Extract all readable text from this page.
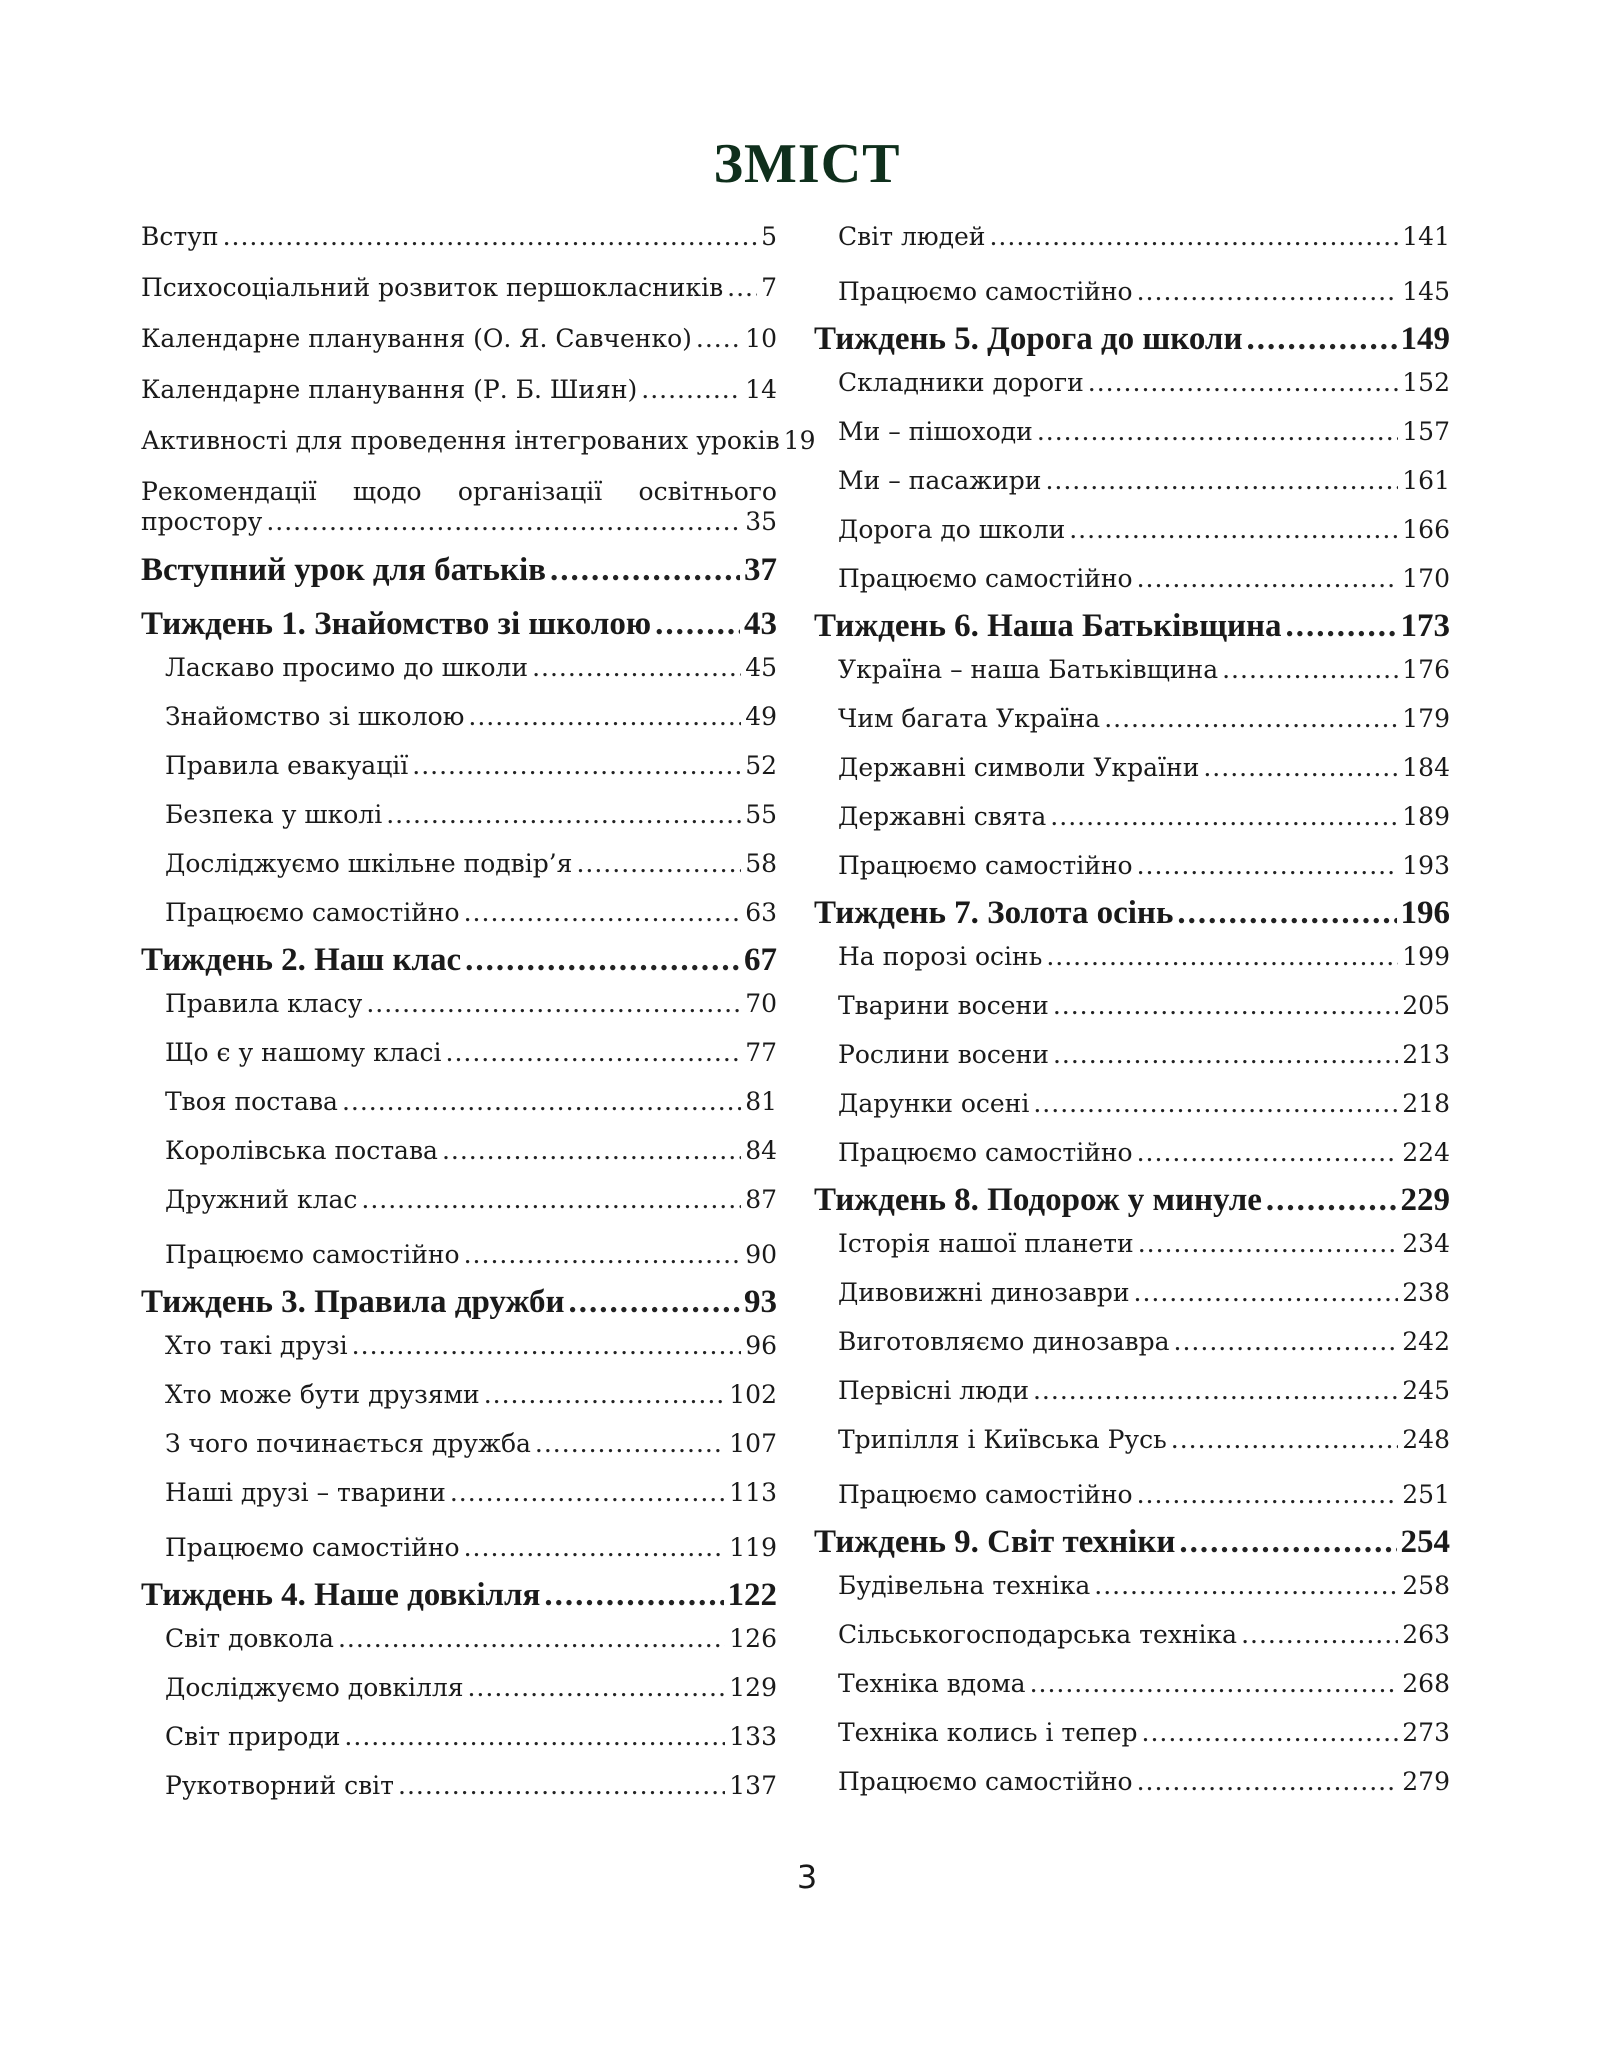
ЗМІСТ
Вступ .....	5
Психосоціальний розвиток першокласників ..... 7
Календарне планування (О. Я. Савченко) ..... 10
Календарне планування (Р. Б. Шиян) .....	14
Активності для проведення інтегрованих уроків 19
Рекомендації щодо організації освітнього
простору .....	35
Вступний урок для батьків .....	37
Тиждень 1. Знайомство зі школою .....	43
Ласкаво просимо до школи .....	45
Знайомство зі школою .....	49
Правила евакуації .....	52
Безпека у школі .....	55
Досліджуємо шкільне подвір’я .....	58
Працюємо самостійно .....	63
Тиждень 2. Наш клас .....	67
Правила класу .....	70
Що є у нашому класі .....	77
Твоя постава .....	81
Королівська постава .....	84
Дружний клас .....	87
Працюємо самостійно .....	90
Тиждень 3. Правила дружби .....	93
Хто такі друзі .....	96
Хто може бути друзями .....	102
З чого починається дружба .....	107
Наші друзі – тварини .....	113
Працюємо самостійно .....	119
Тиждень 4. Наше довкілля .....	122
Світ довкола .....	126
Досліджуємо довкілля .....	129
Світ природи .....	133
Рукотворний світ .....	137
Світ людей .....	141
Працюємо самостійно .....	145
Тиждень 5. Дорога до школи .....	149
Складники дороги .....	152
Ми – пішоходи .....	157
Ми – пасажири .....	161
Дорога до школи .....	166
Працюємо самостійно .....	170
Тиждень 6. Наша Батьківщина .....	173
Україна – наша Батьківщина .....	176
Чим багата Україна .....	179
Державні символи України .....	184
Державні свята .....	189
Працюємо самостійно .....	193
Тиждень 7. Золота осінь .....	196
На порозі осінь .....	199
Тварини восени .....	205
Рослини восени .....	213
Дарунки осені .....	218
Працюємо самостійно .....	224
Тиждень 8. Подорож у минуле .....	229
Історія нашої планети .....	234
Дивовижні динозаври .....	238
Виготовляємо динозавра .....	242
Первісні люди .....	245
Трипілля і Київська Русь .....	248
Працюємо самостійно .....	251
Тиждень 9. Світ техніки .....	254
Будівельна техніка .....	258
Сільськогосподарська техніка .....	263
Техніка вдома .....	268
Техніка колись і тепер .....	273
Працюємо самостійно .....	279
3
